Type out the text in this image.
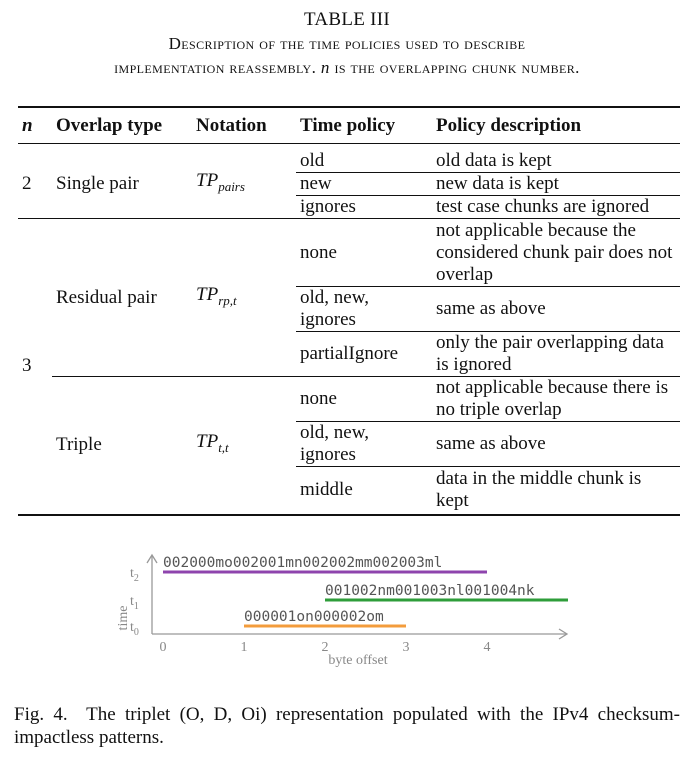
TABLE III
Description of the time policies used to describe
implementation reassembly. n is the overlapping chunk number.
n	Overlap type	Notation	Time policy	Policy description
2	Single pair	$TP_{pairs}$	old	old data is kept
			new	new data is kept
			ignores	test case chunks are ignored
3	Residual pair	$TP_{rp,t}$	none	not applicable because the considered chunk pair does not overlap
			old, new, ignores	same as above
			partialIgnore	only the pair overlapping data is ignored
	Triple	$TP_{t,t}$	none	not applicable because there is no triple overlap
			old, new, ignores	same as above
			middle	data in the middle chunk is kept
time
byte offset
$t_0$
$t_1$
$t_2$
0	1	2	3	4
002000mo002001mn002002mm002003ml
001002nm001003nl001004nk
000001on000002om
Fig. 4. The triplet (O, D, Oi) representation populated with the IPv4 checksum-impactless patterns.
